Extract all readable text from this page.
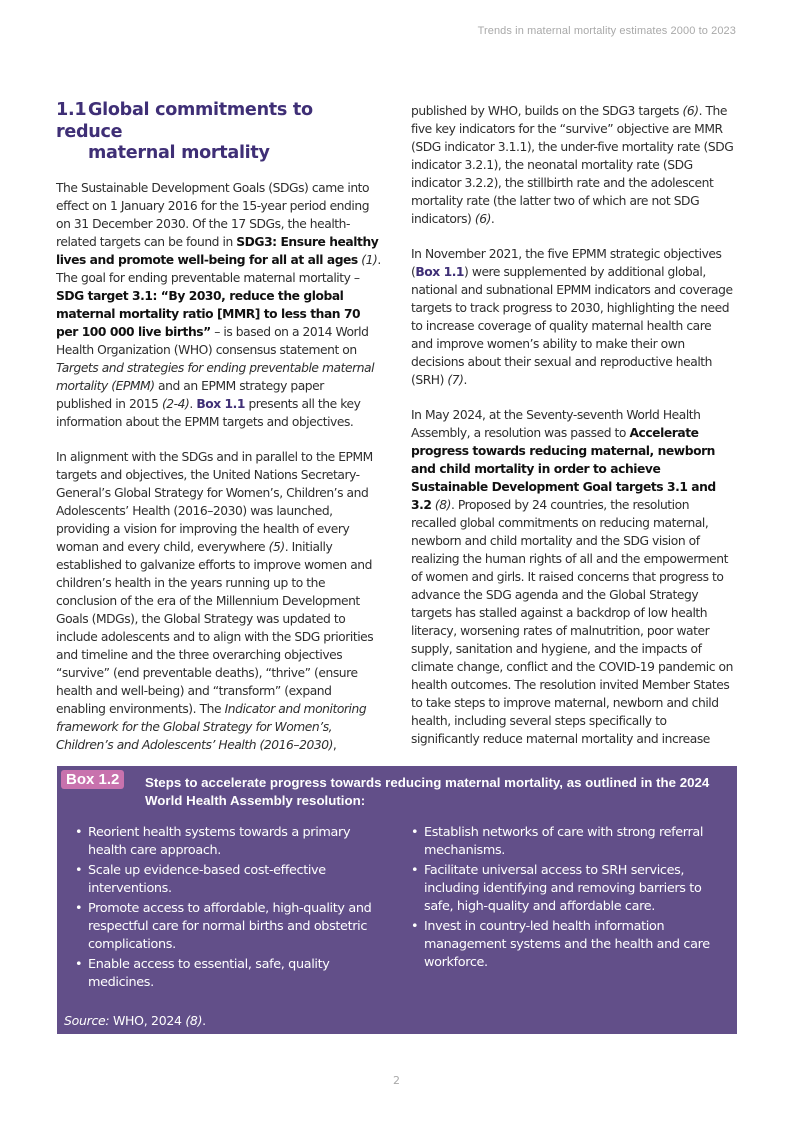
Trends in maternal mortality estimates 2000 to 2023
1.1Global commitments to reduce
maternal mortality

The Sustainable Development Goals (SDGs) came into effect on 1 January 2016 for the 15-year period ending on 31 December 2030. Of the 17 SDGs, the health-related targets can be found in SDG3: Ensure healthy lives and promote well-being for all at all ages (1). The goal for ending preventable maternal mortality – SDG target 3.1: “By 2030, reduce the global maternal mortality ratio [MMR] to less than 70 per 100 000 live births” – is based on a 2014 World Health Organization (WHO) consensus statement on Targets and strategies for ending preventable maternal mortality (EPMM) and an EPMM strategy paper published in 2015 (2-4). Box 1.1 presents all the key information about the EPMM targets and objectives.

In alignment with the SDGs and in parallel to the EPMM targets and objectives, the United Nations Secretary-General’s Global Strategy for Women’s, Children’s and Adolescents’ Health (2016–2030) was launched, providing a vision for improving the health of every woman and every child, everywhere (5). Initially established to galvanize efforts to improve women and children’s health in the years running up to the conclusion of the era of the Millennium Development Goals (MDGs), the Global Strategy was updated to include adolescents and to align with the SDG priorities and timeline and the three overarching objectives “survive” (end preventable deaths), “thrive” (ensure health and well-being) and “transform” (expand enabling environments). The Indicator and monitoring framework for the Global Strategy for Women’s, Children’s and Adolescents’ Health (2016–2030),

published by WHO, builds on the SDG3 targets (6). The five key indicators for the “survive” objective are MMR (SDG indicator 3.1.1), the under-five mortality rate (SDG indicator 3.2.1), the neonatal mortality rate (SDG indicator 3.2.2), the stillbirth rate and the adolescent mortality rate (the latter two of which are not SDG indicators) (6).

In November 2021, the five EPMM strategic objectives (Box 1.1) were supplemented by additional global, national and subnational EPMM indicators and coverage targets to track progress to 2030, highlighting the need to increase coverage of quality maternal health care and improve women’s ability to make their own decisions about their sexual and reproductive health (SRH) (7).

In May 2024, at the Seventy-seventh World Health Assembly, a resolution was passed to Accelerate progress towards reducing maternal, newborn and child mortality in order to achieve Sustainable Development Goal targets 3.1 and 3.2 (8). Proposed by 24 countries, the resolution recalled global commitments on reducing maternal, newborn and child mortality and the SDG vision of realizing the human rights of all and the empowerment of women and girls. It raised concerns that progress to advance the SDG agenda and the Global Strategy targets has stalled against a backdrop of low health literacy, worsening rates of malnutrition, poor water supply, sanitation and hygiene, and the impacts of climate change, conflict and the COVID-19 pandemic on health outcomes. The resolution invited Member States to take steps to improve maternal, newborn and child health, including several steps specifically to significantly reduce maternal mortality and increase

Box 1.2	Steps to accelerate progress towards reducing maternal mortality, as outlined in the 2024 World Health Assembly resolution:
• Reorient health systems towards a primary health care approach.
• Scale up evidence-based cost-effective interventions.
• Promote access to affordable, high-quality and respectful care for normal births and obstetric complications.
• Enable access to essential, safe, quality medicines.
• Establish networks of care with strong referral mechanisms.
• Facilitate universal access to SRH services, including identifying and removing barriers to safe, high-quality and affordable care.
• Invest in country-led health information management systems and the health and care workforce.
Source: WHO, 2024 (8).
2
